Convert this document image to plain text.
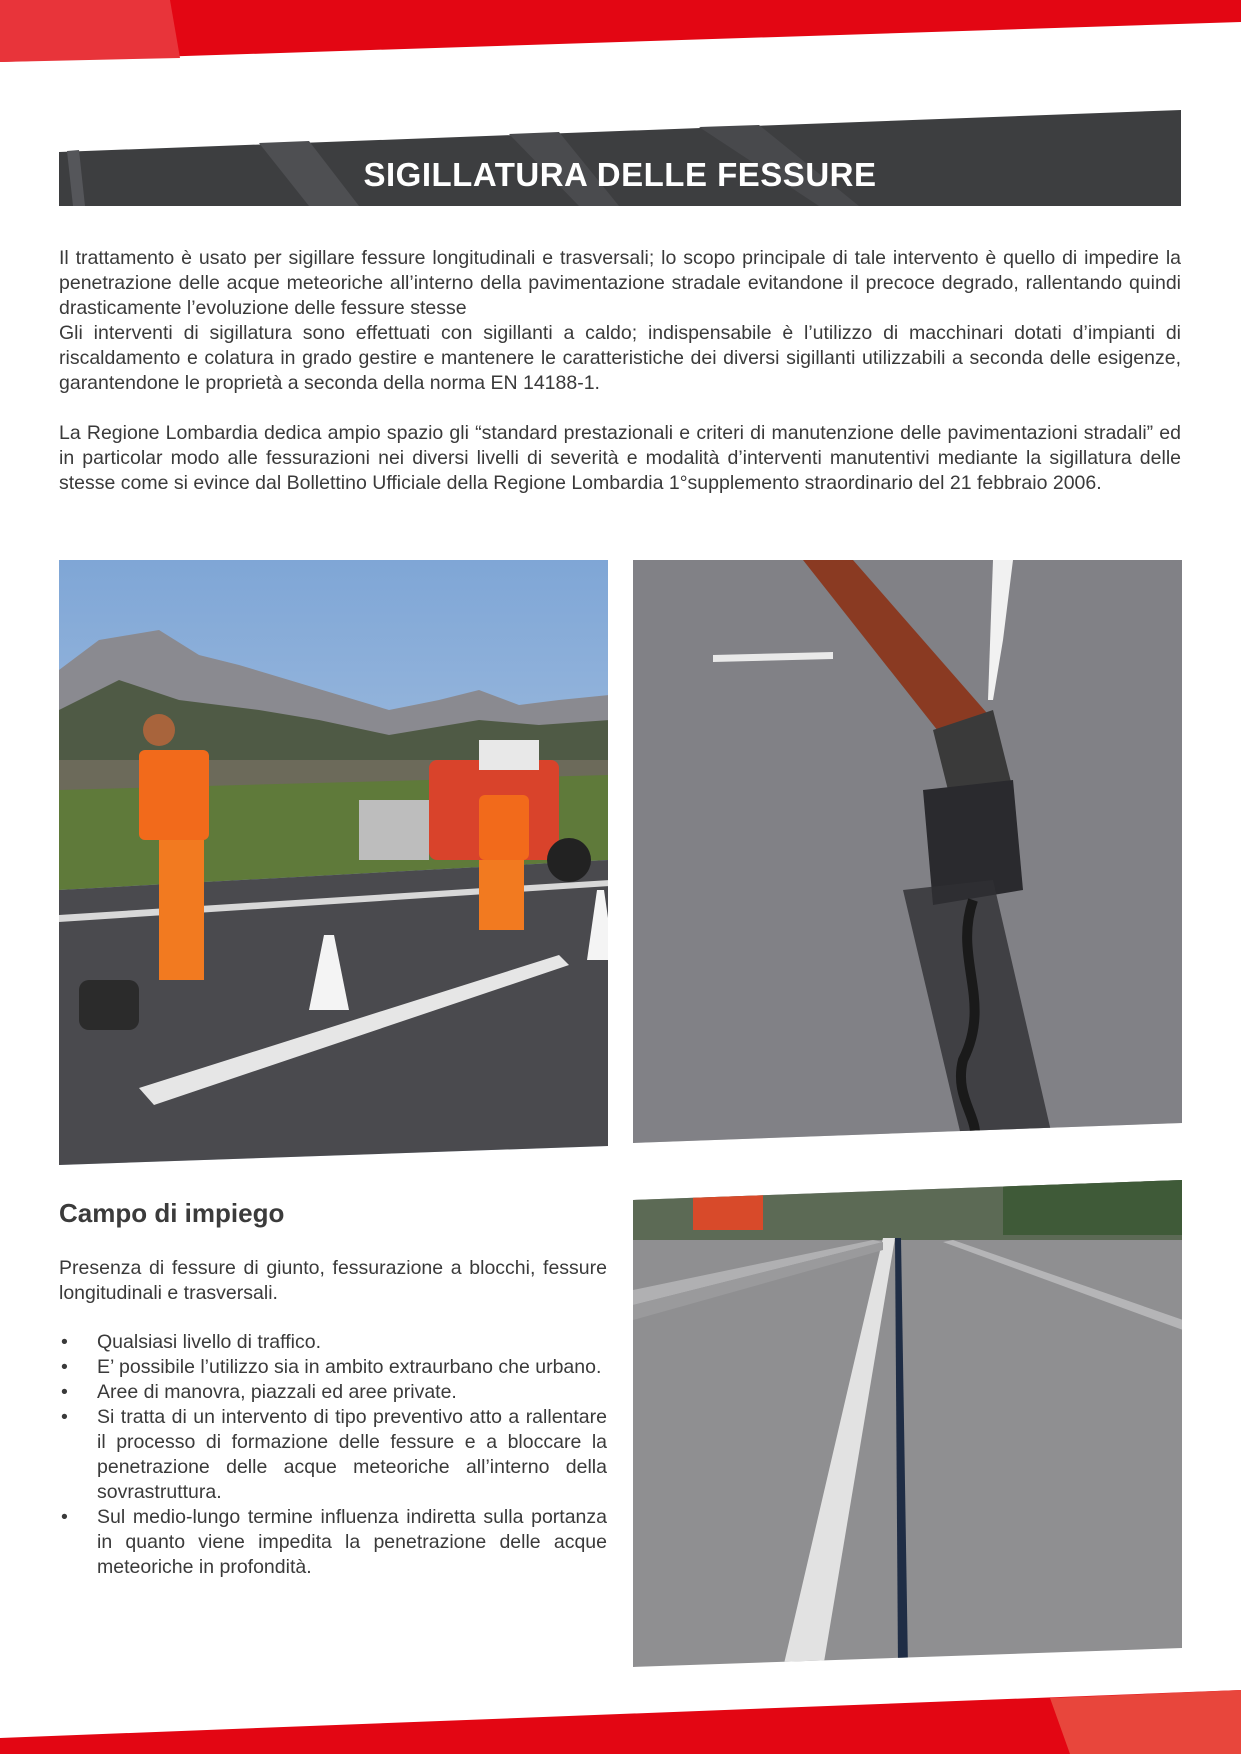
SIGILLATURA DELLE FESSURE
Il trattamento è usato per sigillare fessure longitudinali e trasversali; lo scopo principale di tale intervento è quello di impedire la penetrazione delle acque meteoriche all’interno della pavimentazione stradale evitandone il precoce degrado, rallentando quindi drasticamente l’evoluzione delle fessure stesse
Gli interventi di sigillatura sono effettuati con sigillanti a caldo; indispensabile è l’utilizzo di macchinari dotati d’impianti di riscaldamento e colatura in grado gestire e mantenere le caratteristiche dei diversi sigillanti utilizzabili a seconda delle esigenze, garantendone le proprietà a seconda della norma EN 14188-1.
La Regione Lombardia dedica ampio spazio gli “standard prestazionali e criteri di manutenzione delle pavimentazioni stradali” ed in particolar modo alle fessurazioni nei diversi livelli di severità e modalità d’interventi manutentivi mediante la sigillatura delle stesse come si evince dal Bollettino Ufficiale della Regione Lombardia 1°supplemento straordinario del 21 febbraio 2006.
Campo di impiego
Presenza di fessure di giunto, fessurazione a blocchi, fessure longitudinali e trasversali.
• Qualsiasi livello di traffico.
• E’ possibile l’utilizzo sia in ambito extraurbano che urbano.
• Aree di manovra, piazzali ed aree private.
• Si tratta di un intervento di tipo preventivo atto a rallentare il processo di formazione delle fessure e a bloccare la penetrazione delle acque meteoriche all’interno della sovrastruttura.
• Sul medio-lungo termine influenza indiretta sulla portanza in quanto viene impedita la penetrazione delle acque meteoriche in profondità.
